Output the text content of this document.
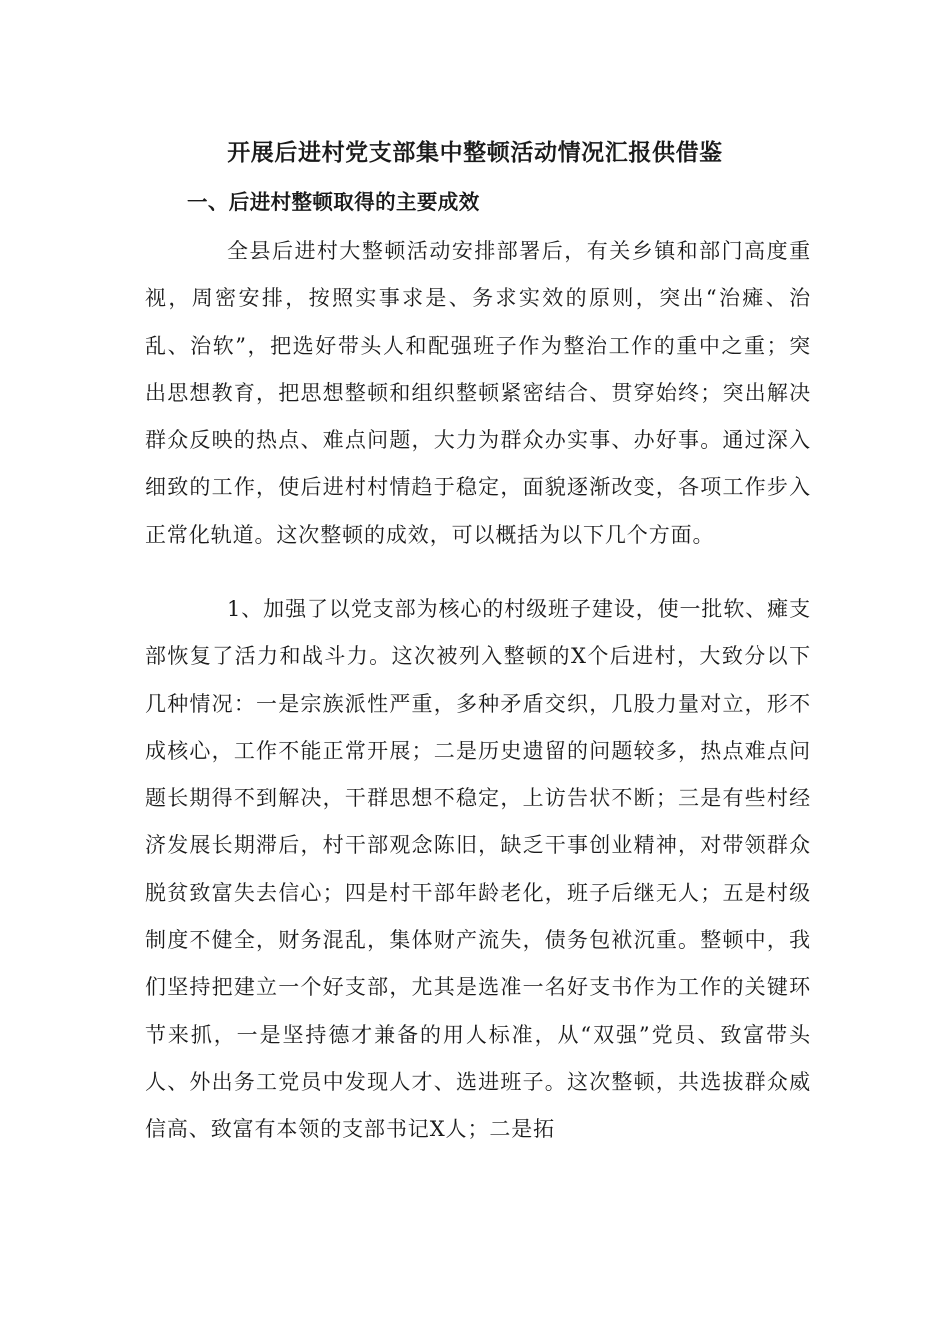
开展后进村党支部集中整顿活动情况汇报供借鉴
一、后进村整顿取得的主要成效

全县后进村大整顿活动安排部署后，有关乡镇和部门高度重视，周密安排，按照实事求是、务求实效的原则，突出“治瘫、治乱、治软”，把选好带头人和配强班子作为整治工作的重中之重；突出思想教育，把思想整顿和组织整顿紧密结合、贯穿始终；突出解决群众反映的热点、难点问题，大力为群众办实事、办好事。通过深入细致的工作，使后进村村情趋于稳定，面貌逐渐改变，各项工作步入正常化轨道。这次整顿的成效，可以概括为以下几个方面。

1、加强了以党支部为核心的村级班子建设，使一批软、瘫支部恢复了活力和战斗力。这次被列入整顿的X个后进村，大致分以下几种情况：一是宗族派性严重，多种矛盾交织，几股力量对立，形不成核心，工作不能正常开展；二是历史遗留的问题较多，热点难点问题长期得不到解决，干群思想不稳定，上访告状不断；三是有些村经济发展长期滞后，村干部观念陈旧，缺乏干事创业精神，对带领群众脱贫致富失去信心；四是村干部年龄老化，班子后继无人；五是村级制度不健全，财务混乱，集体财产流失，债务包袱沉重。整顿中，我们坚持把建立一个好支部，尤其是选准一名好支书作为工作的关键环节来抓，一是坚持德才兼备的用人标准，从“双强”党员、致富带头人、外出务工党员中发现人才、选进班子。这次整顿，共选拔群众威信高、致富有本领的支部书记X人；二是拓
